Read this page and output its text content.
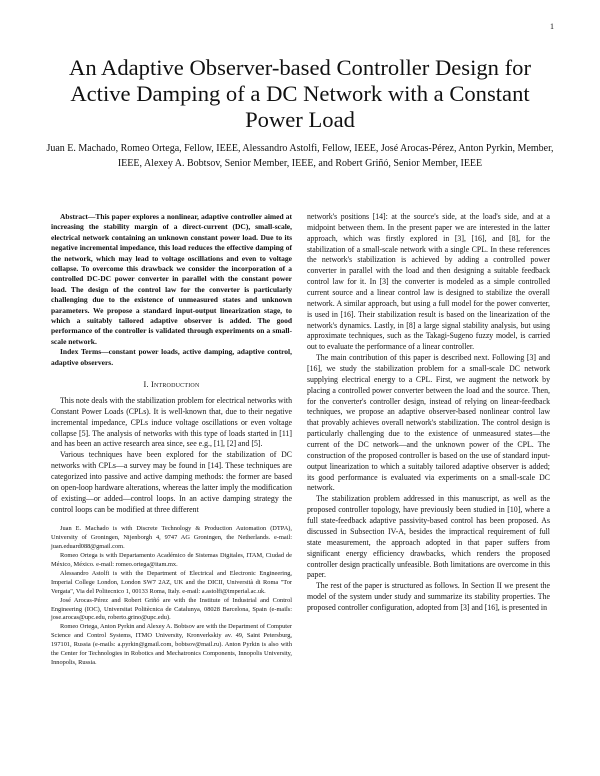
1
An Adaptive Observer-based Controller Design for Active Damping of a DC Network with a Constant Power Load
Juan E. Machado, Romeo Ortega, Fellow, IEEE, Alessandro Astolfi, Fellow, IEEE, José Arocas-Pérez, Anton Pyrkin, Member, IEEE, Alexey A. Bobtsov, Senior Member, IEEE, and Robert Griñó, Senior Member, IEEE

Abstract—This paper explores a nonlinear, adaptive controller aimed at increasing the stability margin of a direct-current (DC), small-scale, electrical network containing an unknown constant power load. Due to its negative incremental impedance, this load reduces the effective damping of the network, which may lead to voltage oscillations and even to voltage collapse. To overcome this drawback we consider the incorporation of a controlled DC-DC power converter in parallel with the constant power load. The design of the control law for the converter is particularly challenging due to the existence of unmeasured states and unknown parameters. We propose a standard input-output linearization stage, to which a suitably tailored adaptive observer is added. The good performance of the controller is validated through experiments on a small-scale network.

Index Terms—constant power loads, active damping, adaptive control, adaptive observers.

I. Introduction

This note deals with the stabilization problem for electrical networks with Constant Power Loads (CPLs). It is well-known that, due to their negative incremental impedance, CPLs induce voltage oscillations or even voltage collapse [5]. The analysis of networks with this type of loads started in [11] and has been an active research area since, see e.g., [1], [2] and [5].

Various techniques have been explored for the stabilization of DC networks with CPLs—a survey may be found in [14]. These techniques are categorized into passive and active damping methods: the former are based on open-loop hardware alterations, whereas the latter imply the modification of existing—or added—control loops. In an active damping strategy the control loops can be modified at three different

Juan E. Machado is with Discrete Technology & Production Automation (DTPA), University of Groningen, Nijenborgh 4, 9747 AG Groningen, the Netherlands. e-mail: juan.eduard088@gmail.com.

Romeo Ortega is with Departamento Académico de Sistemas Digitales, ITAM, Ciudad de México, México. e-mail: romeo.ortega@itam.mx.

Alessandro Astolfi is with the Department of Electrical and Electronic Engineering, Imperial College London, London SW7 2AZ, UK and the DICII, Università di Roma "Tor Vergata", Via del Politecnico 1, 00133 Roma, Italy. e-mail: a.astolfi@imperial.ac.uk.

José Arocas-Pérez and Robert Griñó are with the Institute of Industrial and Control Engineering (IOC), Universitat Politècnica de Catalunya, 08028 Barcelona, Spain (e-mails: jose.arocas@upc.edu, roberto.grino@upc.edu).

Romeo Ortega, Anton Pyrkin and Alexey A. Bobtsov are with the Department of Computer Science and Control Systems, ITMO University, Kronverkskiy av. 49, Saint Petersburg, 197101, Russia (e-mails: a.pyrkin@gmail.com, bobtsov@mail.ru). Anton Pyrkin is also with the Center for Technologies in Robotics and Mechatronics Components, Innopolis University, Innopolis, Russia.

network's positions [14]: at the source's side, at the load's side, and at a midpoint between them. In the present paper we are interested in the latter approach, which was firstly explored in [3], [16], and [8], for the stabilization of a small-scale network with a single CPL. In these references the network's stabilization is achieved by adding a controlled power converter in parallel with the load and then designing a suitable feedback control law for it. In [3] the converter is modeled as a simple controlled current source and a linear control law is designed to stabilize the overall network. A similar approach, but using a full model for the power converter, is used in [16]. Their stabilization result is based on the linearization of the network's dynamics. Lastly, in [8] a large signal stability analysis, but using approximate techniques, such as the Takagi-Sugeno fuzzy model, is carried out to evaluate the performance of a linear controller.

The main contribution of this paper is described next. Following [3] and [16], we study the stabilization problem for a small-scale DC network supplying electrical energy to a CPL. First, we augment the network by placing a controlled power converter between the load and the source. Then, for the converter's controller design, instead of relying on linear-feedback techniques, we propose an adaptive observer-based nonlinear control law that provably achieves overall network's stabilization. The control design is particularly challenging due to the existence of unmeasured states—the current of the DC network—and the unknown power of the CPL. The construction of the proposed controller is based on the use of standard input-output linearization to which a suitably tailored adaptive observer is added; its good performance is evaluated via experiments on a small-scale DC network.

The stabilization problem addressed in this manuscript, as well as the proposed controller topology, have previously been studied in [10], where a full state-feedback adaptive passivity-based control has been proposed. As discussed in Subsection IV-A, besides the impractical requirement of full state measurement, the approach adopted in that paper suffers from significant energy efficiency drawbacks, which renders the proposed controller design practically unfeasible. Both limitations are overcome in this paper.

The rest of the paper is structured as follows. In Section II we present the model of the system under study and summarize its stability properties. The proposed controller configuration, adopted from [3] and [16], is presented in
